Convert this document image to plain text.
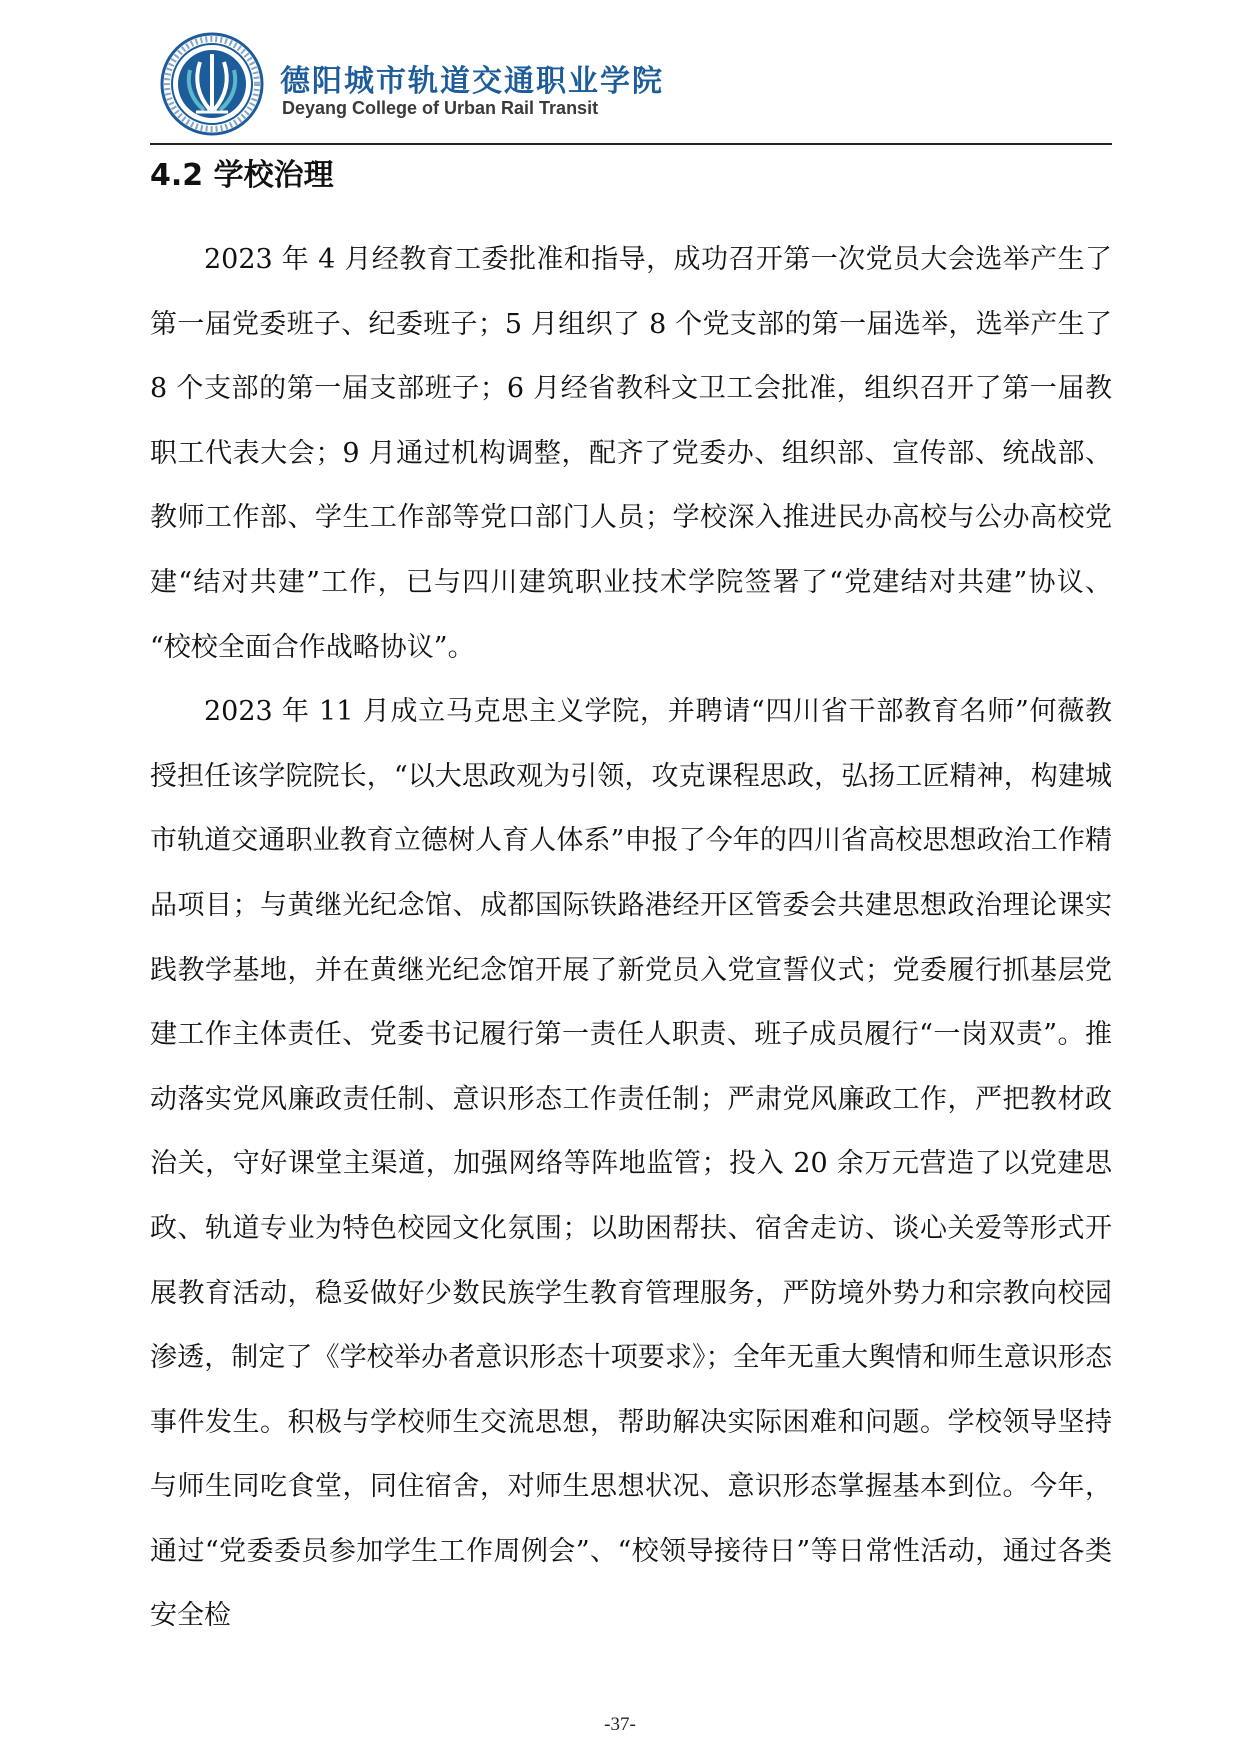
德阳城市轨道交通职业学院
Deyang College of Urban Rail Transit
4.2 学校治理

2023 年 4 月经教育工委批准和指导，成功召开第一次党员大会选举产生了第一届党委班子、纪委班子；5 月组织了 8 个党支部的第一届选举，选举产生了 8 个支部的第一届支部班子；6 月经省教科文卫工会批准，组织召开了第一届教职工代表大会；9 月通过机构调整，配齐了党委办、组织部、宣传部、统战部、教师工作部、学生工作部等党口部门人员；学校深入推进民办高校与公办高校党建“结对共建”工作，已与四川建筑职业技术学院签署了“党建结对共建”协议、 “校校全面合作战略协议”。

2023 年 11 月成立马克思主义学院，并聘请“四川省干部教育名师”何薇教授担任该学院院长，“以大思政观为引领，攻克课程思政，弘扬工匠精神，构建城市轨道交通职业教育立德树人育人体系”申报了今年的四川省高校思想政治工作精品项目；与黄继光纪念馆、成都国际铁路港经开区管委会共建思想政治理论课实践教学基地，并在黄继光纪念馆开展了新党员入党宣誓仪式；党委履行抓基层党建工作主体责任、党委书记履行第一责任人职责、班子成员履行“一岗双责”。推动落实党风廉政责任制、意识形态工作责任制；严肃党风廉政工作，严把教材政治关，守好课堂主渠道，加强网络等阵地监管；投入 20 余万元营造了以党建思政、轨道专业为特色校园文化氛围；以助困帮扶、宿舍走访、谈心关爱等形式开展教育活动，稳妥做好少数民族学生教育管理服务，严防境外势力和宗教向校园渗透，制定了《学校举办者意识形态十项要求》；全年无重大舆情和师生意识形态事件发生。积极与学校师生交流思想，帮助解决实际困难和问题。学校领导坚持与师生同吃食堂，同住宿舍，对师生思想状况、意识形态掌握基本到位。今年，通过“党委委员参加学生工作周例会”、“校领导接待日”等日常性活动，通过各类安全检

-37-
